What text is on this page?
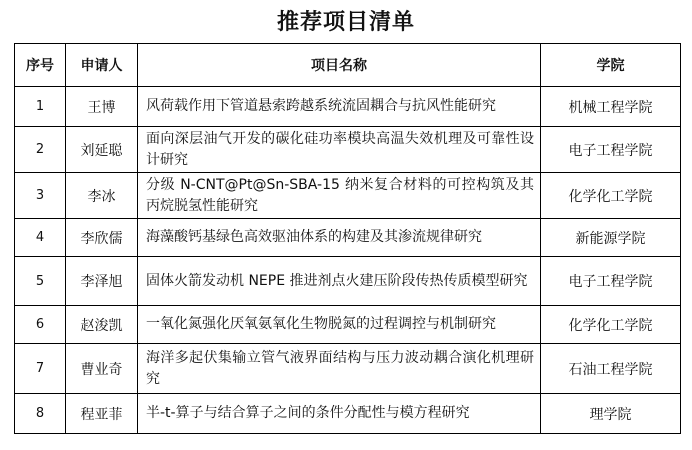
推荐项目清单
序号	申请人	项目名称	学院
1	王博	风荷载作用下管道悬索跨越系统流固耦合与抗风性能研究	机械工程学院
2	刘延聪	面向深层油气开发的碳化硅功率模块高温失效机理及可靠性设计研究	电子工程学院
3	李冰	分级 N-CNT@Pt@Sn-SBA-15 纳米复合材料的可控构筑及其丙烷脱氢性能研究	化学化工学院
4	李欣儒	海藻酸钙基绿色高效驱油体系的构建及其渗流规律研究	新能源学院
5	李泽旭	固体火箭发动机 NEPE 推进剂点火建压阶段传热传质模型研究	电子工程学院
6	赵浚凯	一氧化氮强化厌氧氨氧化生物脱氮的过程调控与机制研究	化学化工学院
7	曹业奇	海洋多起伏集输立管气液界面结构与压力波动耦合演化机理研究	石油工程学院
8	程亚菲	半-t-算子与结合算子之间的条件分配性与模方程研究	理学院
